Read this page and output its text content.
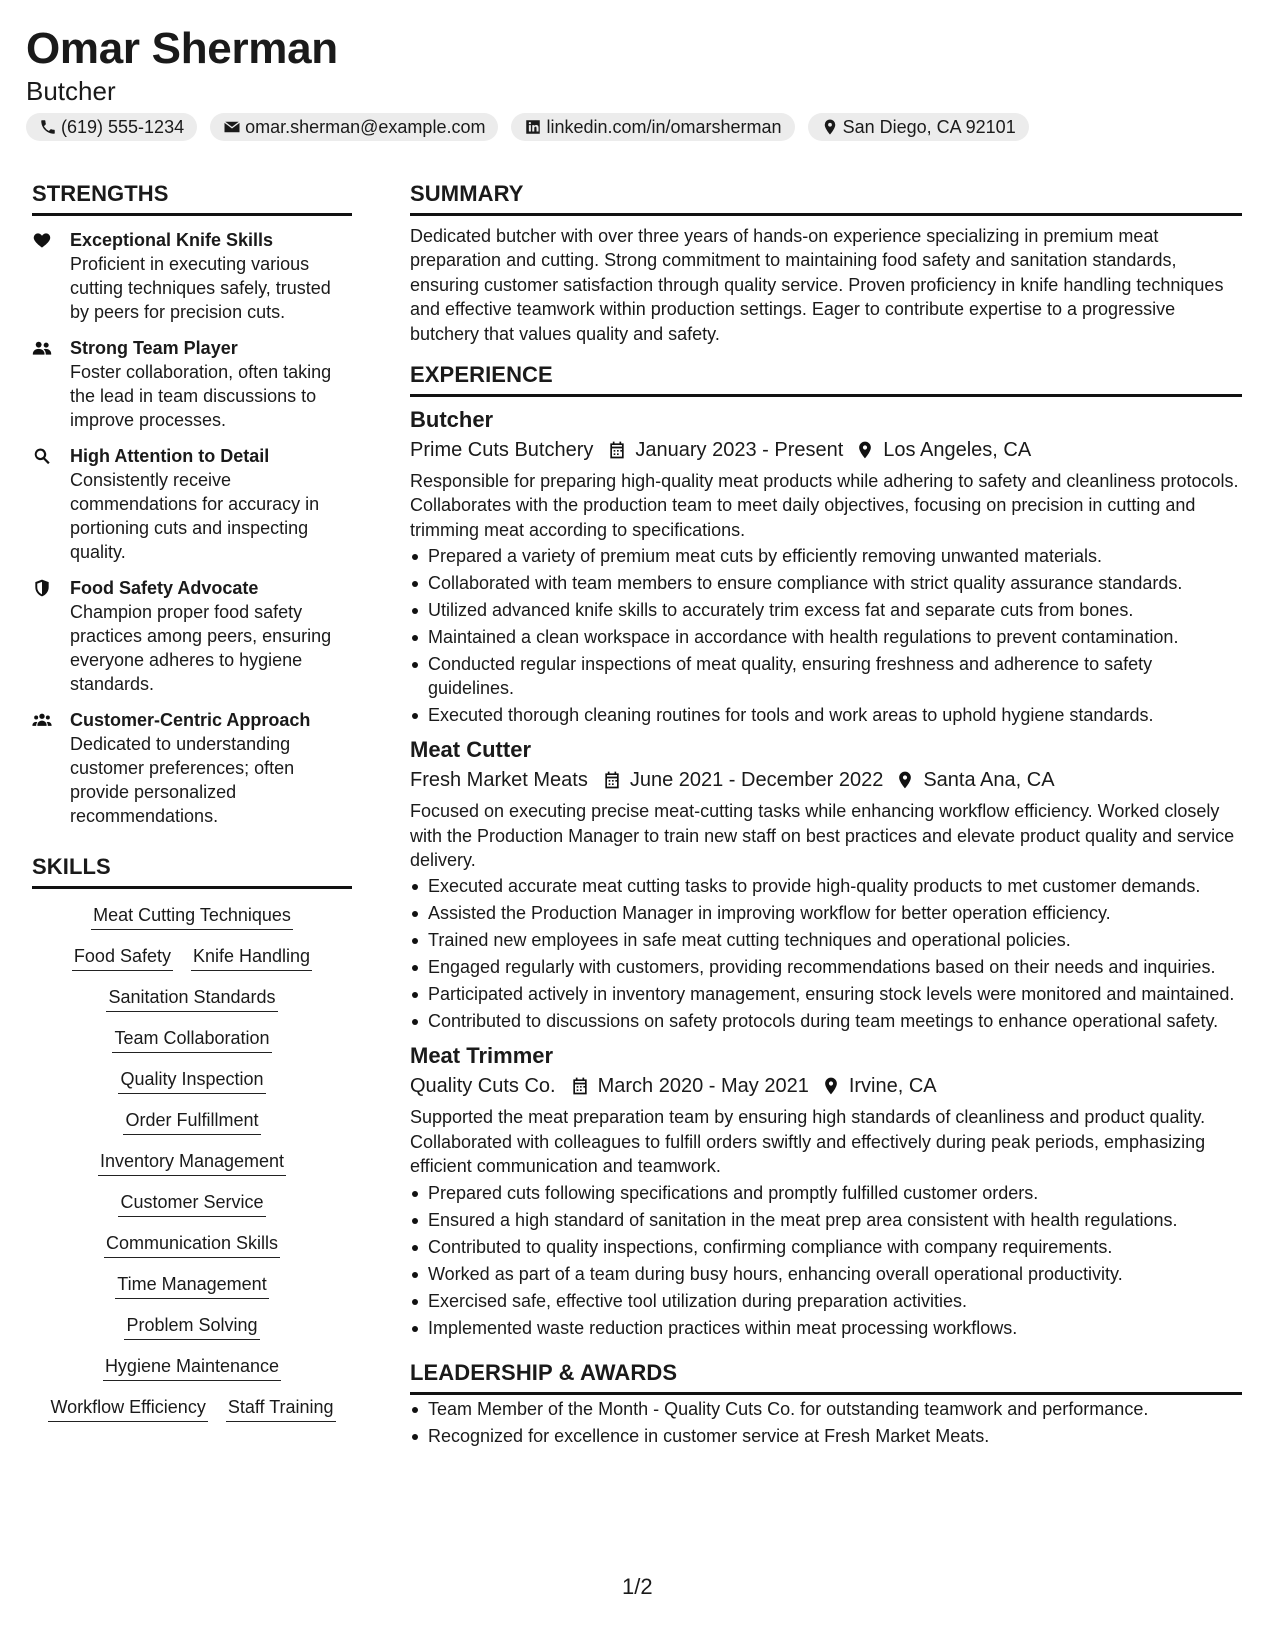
Omar Sherman
Butcher
(619) 555-1234	omar.sherman@example.com	linkedin.com/in/omarsherman	San Diego, CA 92101
STRENGTHS
Exceptional Knife Skills
Proficient in executing various cutting techniques safely, trusted by peers for precision cuts.
Strong Team Player
Foster collaboration, often taking the lead in team discussions to improve processes.
High Attention to Detail
Consistently receive commendations for accuracy in portioning cuts and inspecting quality.
Food Safety Advocate
Champion proper food safety practices among peers, ensuring everyone adheres to hygiene standards.
Customer-Centric Approach
Dedicated to understanding customer preferences; often provide personalized recommendations.
SKILLS
Meat Cutting Techniques
Food Safety Knife Handling
Sanitation Standards
Team Collaboration
Quality Inspection
Order Fulfillment
Inventory Management
Customer Service
Communication Skills
Time Management
Problem Solving
Hygiene Maintenance
Workflow Efficiency Staff Training
SUMMARY

Dedicated butcher with over three years of hands-on experience specializing in premium meat preparation and cutting. Strong commitment to maintaining food safety and sanitation standards, ensuring customer satisfaction through quality service. Proven proficiency in knife handling techniques and effective teamwork within production settings. Eager to contribute expertise to a progressive butchery that values quality and safety.

EXPERIENCE
Butcher
Prime Cuts Butchery January 2023 - Present Los Angeles, CA

Responsible for preparing high-quality meat products while adhering to safety and cleanliness protocols. Collaborates with the production team to meet daily objectives, focusing on precision in cutting and trimming meat according to specifications.

Prepared a variety of premium meat cuts by efficiently removing unwanted materials.
Collaborated with team members to ensure compliance with strict quality assurance standards.
Utilized advanced knife skills to accurately trim excess fat and separate cuts from bones.
Maintained a clean workspace in accordance with health regulations to prevent contamination.
Conducted regular inspections of meat quality, ensuring freshness and adherence to safety guidelines.
Executed thorough cleaning routines for tools and work areas to uphold hygiene standards.
Meat Cutter
Fresh Market Meats June 2021 - December 2022 Santa Ana, CA

Focused on executing precise meat-cutting tasks while enhancing workflow efficiency. Worked closely with the Production Manager to train new staff on best practices and elevate product quality and service delivery.

Executed accurate meat cutting tasks to provide high-quality products to met customer demands.
Assisted the Production Manager in improving workflow for better operation efficiency.
Trained new employees in safe meat cutting techniques and operational policies.
Engaged regularly with customers, providing recommendations based on their needs and inquiries.
Participated actively in inventory management, ensuring stock levels were monitored and maintained.
Contributed to discussions on safety protocols during team meetings to enhance operational safety.
Meat Trimmer
Quality Cuts Co. March 2020 - May 2021 Irvine, CA

Supported the meat preparation team by ensuring high standards of cleanliness and product quality. Collaborated with colleagues to fulfill orders swiftly and effectively during peak periods, emphasizing efficient communication and teamwork.

Prepared cuts following specifications and promptly fulfilled customer orders.
Ensured a high standard of sanitation in the meat prep area consistent with health regulations.
Contributed to quality inspections, confirming compliance with company requirements.
Worked as part of a team during busy hours, enhancing overall operational productivity.
Exercised safe, effective tool utilization during preparation activities.
Implemented waste reduction practices within meat processing workflows.
LEADERSHIP & AWARDS
Team Member of the Month - Quality Cuts Co. for outstanding teamwork and performance.
Recognized for excellence in customer service at Fresh Market Meats.
1/2
